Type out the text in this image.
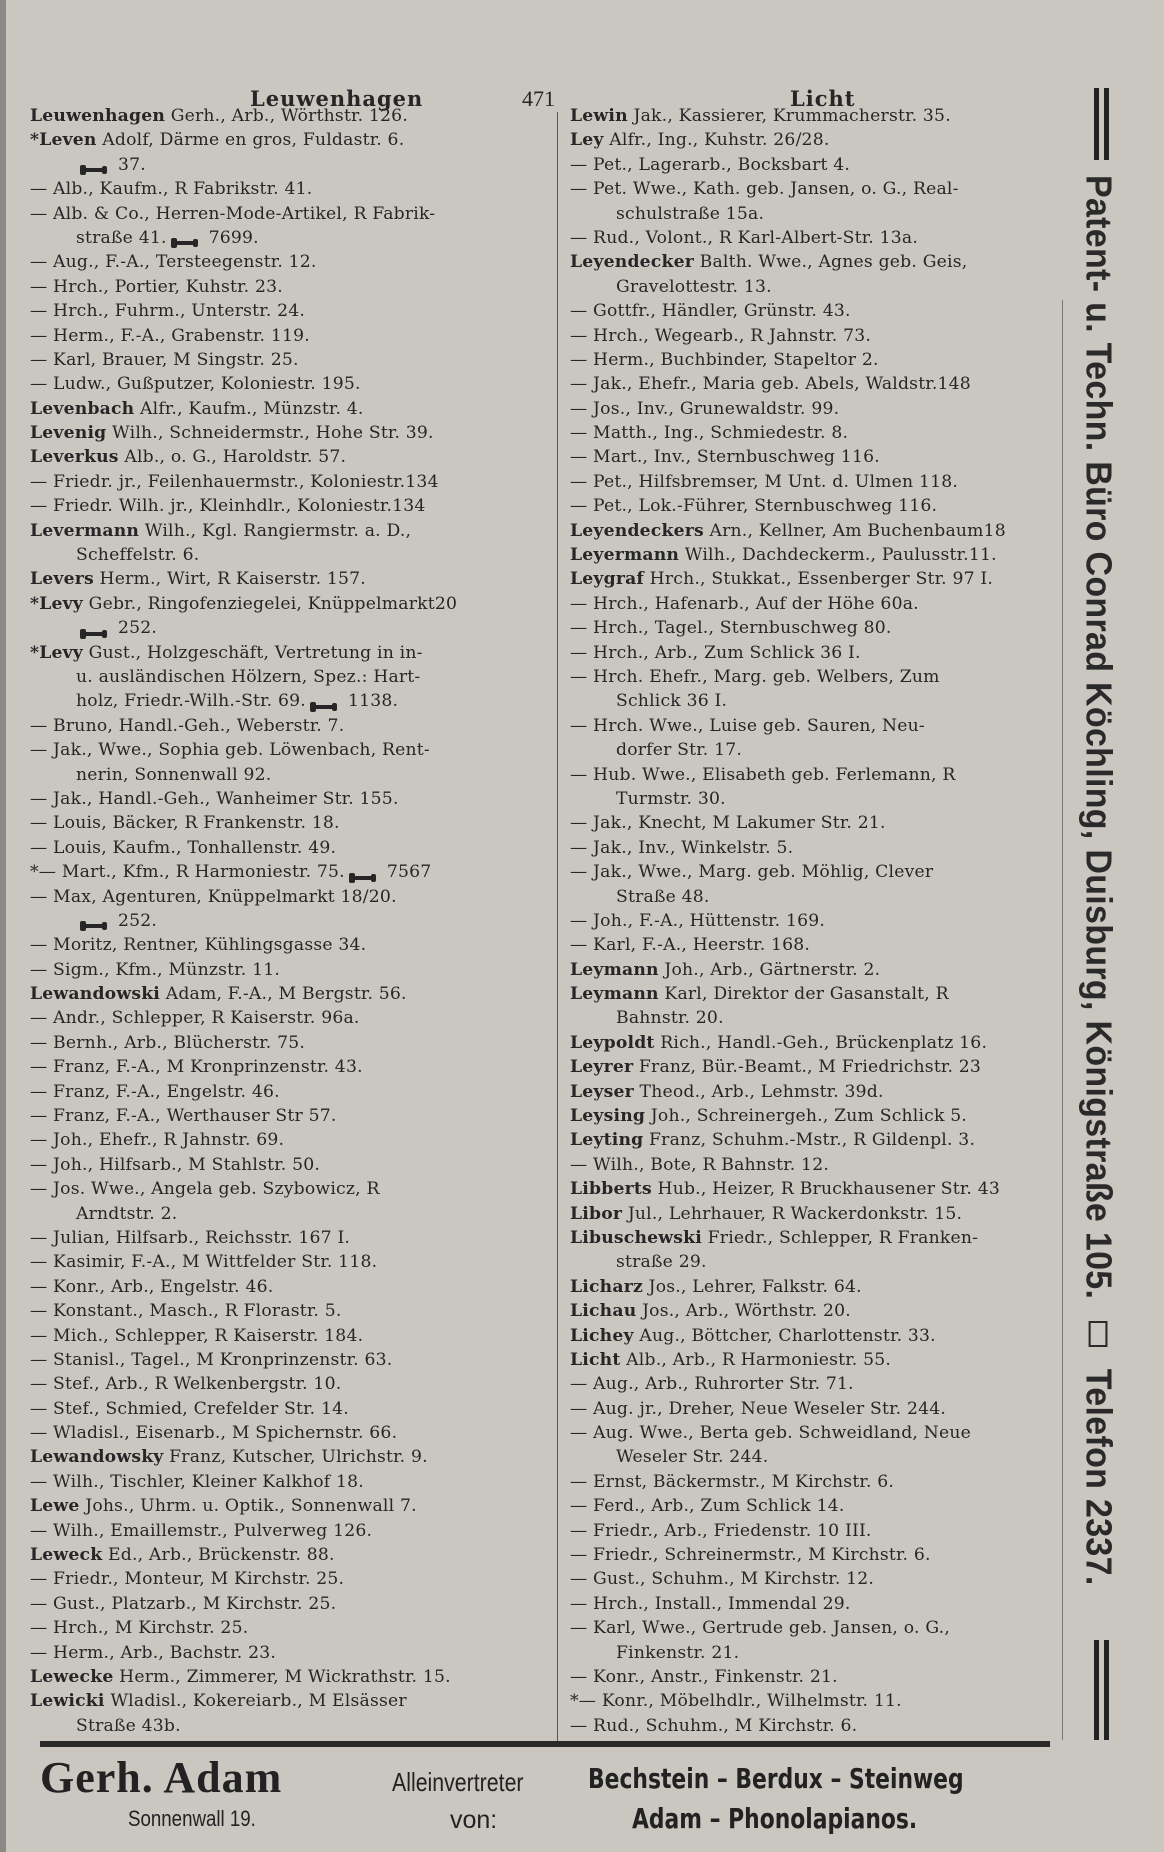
Leuwenhagen	471	Licht
Leuwenhagen Gerh., Arb., Wörthstr. 126.
*Leven Adolf, Därme en gros, Fuldastr. 6.
37.
— Alb., Kaufm., R Fabrikstr. 41.
— Alb. & Co., Herren-Mode-Artikel, R Fabrik-
straße 41. 7699.
— Aug., F.-A., Tersteegenstr. 12.
— Hrch., Portier, Kuhstr. 23.
— Hrch., Fuhrm., Unterstr. 24.
— Herm., F.-A., Grabenstr. 119.
— Karl, Brauer, M Singstr. 25.
— Ludw., Gußputzer, Koloniestr. 195.
Levenbach Alfr., Kaufm., Münzstr. 4.
Levenig Wilh., Schneidermstr., Hohe Str. 39.
Leverkus Alb., o. G., Haroldstr. 57.
— Friedr. jr., Feilenhauermstr., Koloniestr.134
— Friedr. Wilh. jr., Kleinhdlr., Koloniestr.134
Levermann Wilh., Kgl. Rangiermstr. a. D.,
Scheffelstr. 6.
Levers Herm., Wirt, R Kaiserstr. 157.
*Levy Gebr., Ringofenziegelei, Knüppelmarkt20
252.
*Levy Gust., Holzgeschäft, Vertretung in in-
u. ausländischen Hölzern, Spez.: Hart-
holz, Friedr.-Wilh.-Str. 69. 1138.
— Bruno, Handl.-Geh., Weberstr. 7.
— Jak., Wwe., Sophia geb. Löwenbach, Rent-
nerin, Sonnenwall 92.
— Jak., Handl.-Geh., Wanheimer Str. 155.
— Louis, Bäcker, R Frankenstr. 18.
— Louis, Kaufm., Tonhallenstr. 49.
*— Mart., Kfm., R Harmoniestr. 75. 7567
— Max, Agenturen, Knüppelmarkt 18/20.
252.
— Moritz, Rentner, Kühlingsgasse 34.
— Sigm., Kfm., Münzstr. 11.
Lewandowski Adam, F.-A., M Bergstr. 56.
— Andr., Schlepper, R Kaiserstr. 96a.
— Bernh., Arb., Blücherstr. 75.
— Franz, F.-A., M Kronprinzenstr. 43.
— Franz, F.-A., Engelstr. 46.
— Franz, F.-A., Werthauser Str 57.
— Joh., Ehefr., R Jahnstr. 69.
— Joh., Hilfsarb., M Stahlstr. 50.
— Jos. Wwe., Angela geb. Szybowicz, R
Arndtstr. 2.
— Julian, Hilfsarb., Reichsstr. 167 I.
— Kasimir, F.-A., M Wittfelder Str. 118.
— Konr., Arb., Engelstr. 46.
— Konstant., Masch., R Florastr. 5.
— Mich., Schlepper, R Kaiserstr. 184.
— Stanisl., Tagel., M Kronprinzenstr. 63.
— Stef., Arb., R Welkenbergstr. 10.
— Stef., Schmied, Crefelder Str. 14.
— Wladisl., Eisenarb., M Spichernstr. 66.
Lewandowsky Franz, Kutscher, Ulrichstr. 9.
— Wilh., Tischler, Kleiner Kalkhof 18.
Lewe Johs., Uhrm. u. Optik., Sonnenwall 7.
— Wilh., Emaillemstr., Pulverweg 126.
Leweck Ed., Arb., Brückenstr. 88.
— Friedr., Monteur, M Kirchstr. 25.
— Gust., Platzarb., M Kirchstr. 25.
— Hrch., M Kirchstr. 25.
— Herm., Arb., Bachstr. 23.
Lewecke Herm., Zimmerer, M Wickrathstr. 15.
Lewicki Wladisl., Kokereiarb., M Elsässer
Straße 43b.
Lewin Jak., Kassierer, Krummacherstr. 35.
Ley Alfr., Ing., Kuhstr. 26/28.
— Pet., Lagerarb., Bocksbart 4.
— Pet. Wwe., Kath. geb. Jansen, o. G., Real-
schulstraße 15a.
— Rud., Volont., R Karl-Albert-Str. 13a.
Leyendecker Balth. Wwe., Agnes geb. Geis,
Gravelottestr. 13.
— Gottfr., Händler, Grünstr. 43.
— Hrch., Wegearb., R Jahnstr. 73.
— Herm., Buchbinder, Stapeltor 2.
— Jak., Ehefr., Maria geb. Abels, Waldstr.148
— Jos., Inv., Grunewaldstr. 99.
— Matth., Ing., Schmiedestr. 8.
— Mart., Inv., Sternbuschweg 116.
— Pet., Hilfsbremser, M Unt. d. Ulmen 118.
— Pet., Lok.-Führer, Sternbuschweg 116.
Leyendeckers Arn., Kellner, Am Buchenbaum18
Leyermann Wilh., Dachdeckerm., Paulusstr.11.
Leygraf Hrch., Stukkat., Essenberger Str. 97 I.
— Hrch., Hafenarb., Auf der Höhe 60a.
— Hrch., Tagel., Sternbuschweg 80.
— Hrch., Arb., Zum Schlick 36 I.
— Hrch. Ehefr., Marg. geb. Welbers, Zum
Schlick 36 I.
— Hrch. Wwe., Luise geb. Sauren, Neu-
dorfer Str. 17.
— Hub. Wwe., Elisabeth geb. Ferlemann, R
Turmstr. 30.
— Jak., Knecht, M Lakumer Str. 21.
— Jak., Inv., Winkelstr. 5.
— Jak., Wwe., Marg. geb. Möhlig, Clever
Straße 48.
— Joh., F.-A., Hüttenstr. 169.
— Karl, F.-A., Heerstr. 168.
Leymann Joh., Arb., Gärtnerstr. 2.
Leymann Karl, Direktor der Gasanstalt, R
Bahnstr. 20.
Leypoldt Rich., Handl.-Geh., Brückenplatz 16.
Leyrer Franz, Bür.-Beamt., M Friedrichstr. 23
Leyser Theod., Arb., Lehmstr. 39d.
Leysing Joh., Schreinergeh., Zum Schlick 5.
Leyting Franz, Schuhm.-Mstr., R Gildenpl. 3.
— Wilh., Bote, R Bahnstr. 12.
Libberts Hub., Heizer, R Bruckhausener Str. 43
Libor Jul., Lehrhauer, R Wackerdonkstr. 15.
Libuschewski Friedr., Schlepper, R Franken-
straße 29.
Licharz Jos., Lehrer, Falkstr. 64.
Lichau Jos., Arb., Wörthstr. 20.
Lichey Aug., Böttcher, Charlottenstr. 33.
Licht Alb., Arb., R Harmoniestr. 55.
— Aug., Arb., Ruhrorter Str. 71.
— Aug. jr., Dreher, Neue Weseler Str. 244.
— Aug. Wwe., Berta geb. Schweidland, Neue
Weseler Str. 244.
— Ernst, Bäckermstr., M Kirchstr. 6.
— Ferd., Arb., Zum Schlick 14.
— Friedr., Arb., Friedenstr. 10 III.
— Friedr., Schreinermstr., M Kirchstr. 6.
— Gust., Schuhm., M Kirchstr. 12.
— Hrch., Install., Immendal 29.
— Karl, Wwe., Gertrude geb. Jansen, o. G.,
Finkenstr. 21.
— Konr., Anstr., Finkenstr. 21.
*— Konr., Möbelhdlr., Wilhelmstr. 11.
— Rud., Schuhm., M Kirchstr. 6.
Patent- u. Techn. Büro Conrad Köchling, Duisburg, Königstraße 105.  Telefon 2337.
Gerh. Adam	Alleinvertreter Bechstein – Berdux – Steinweg
Sonnenwall 19.	von:	Adam – Phonolapianos.
